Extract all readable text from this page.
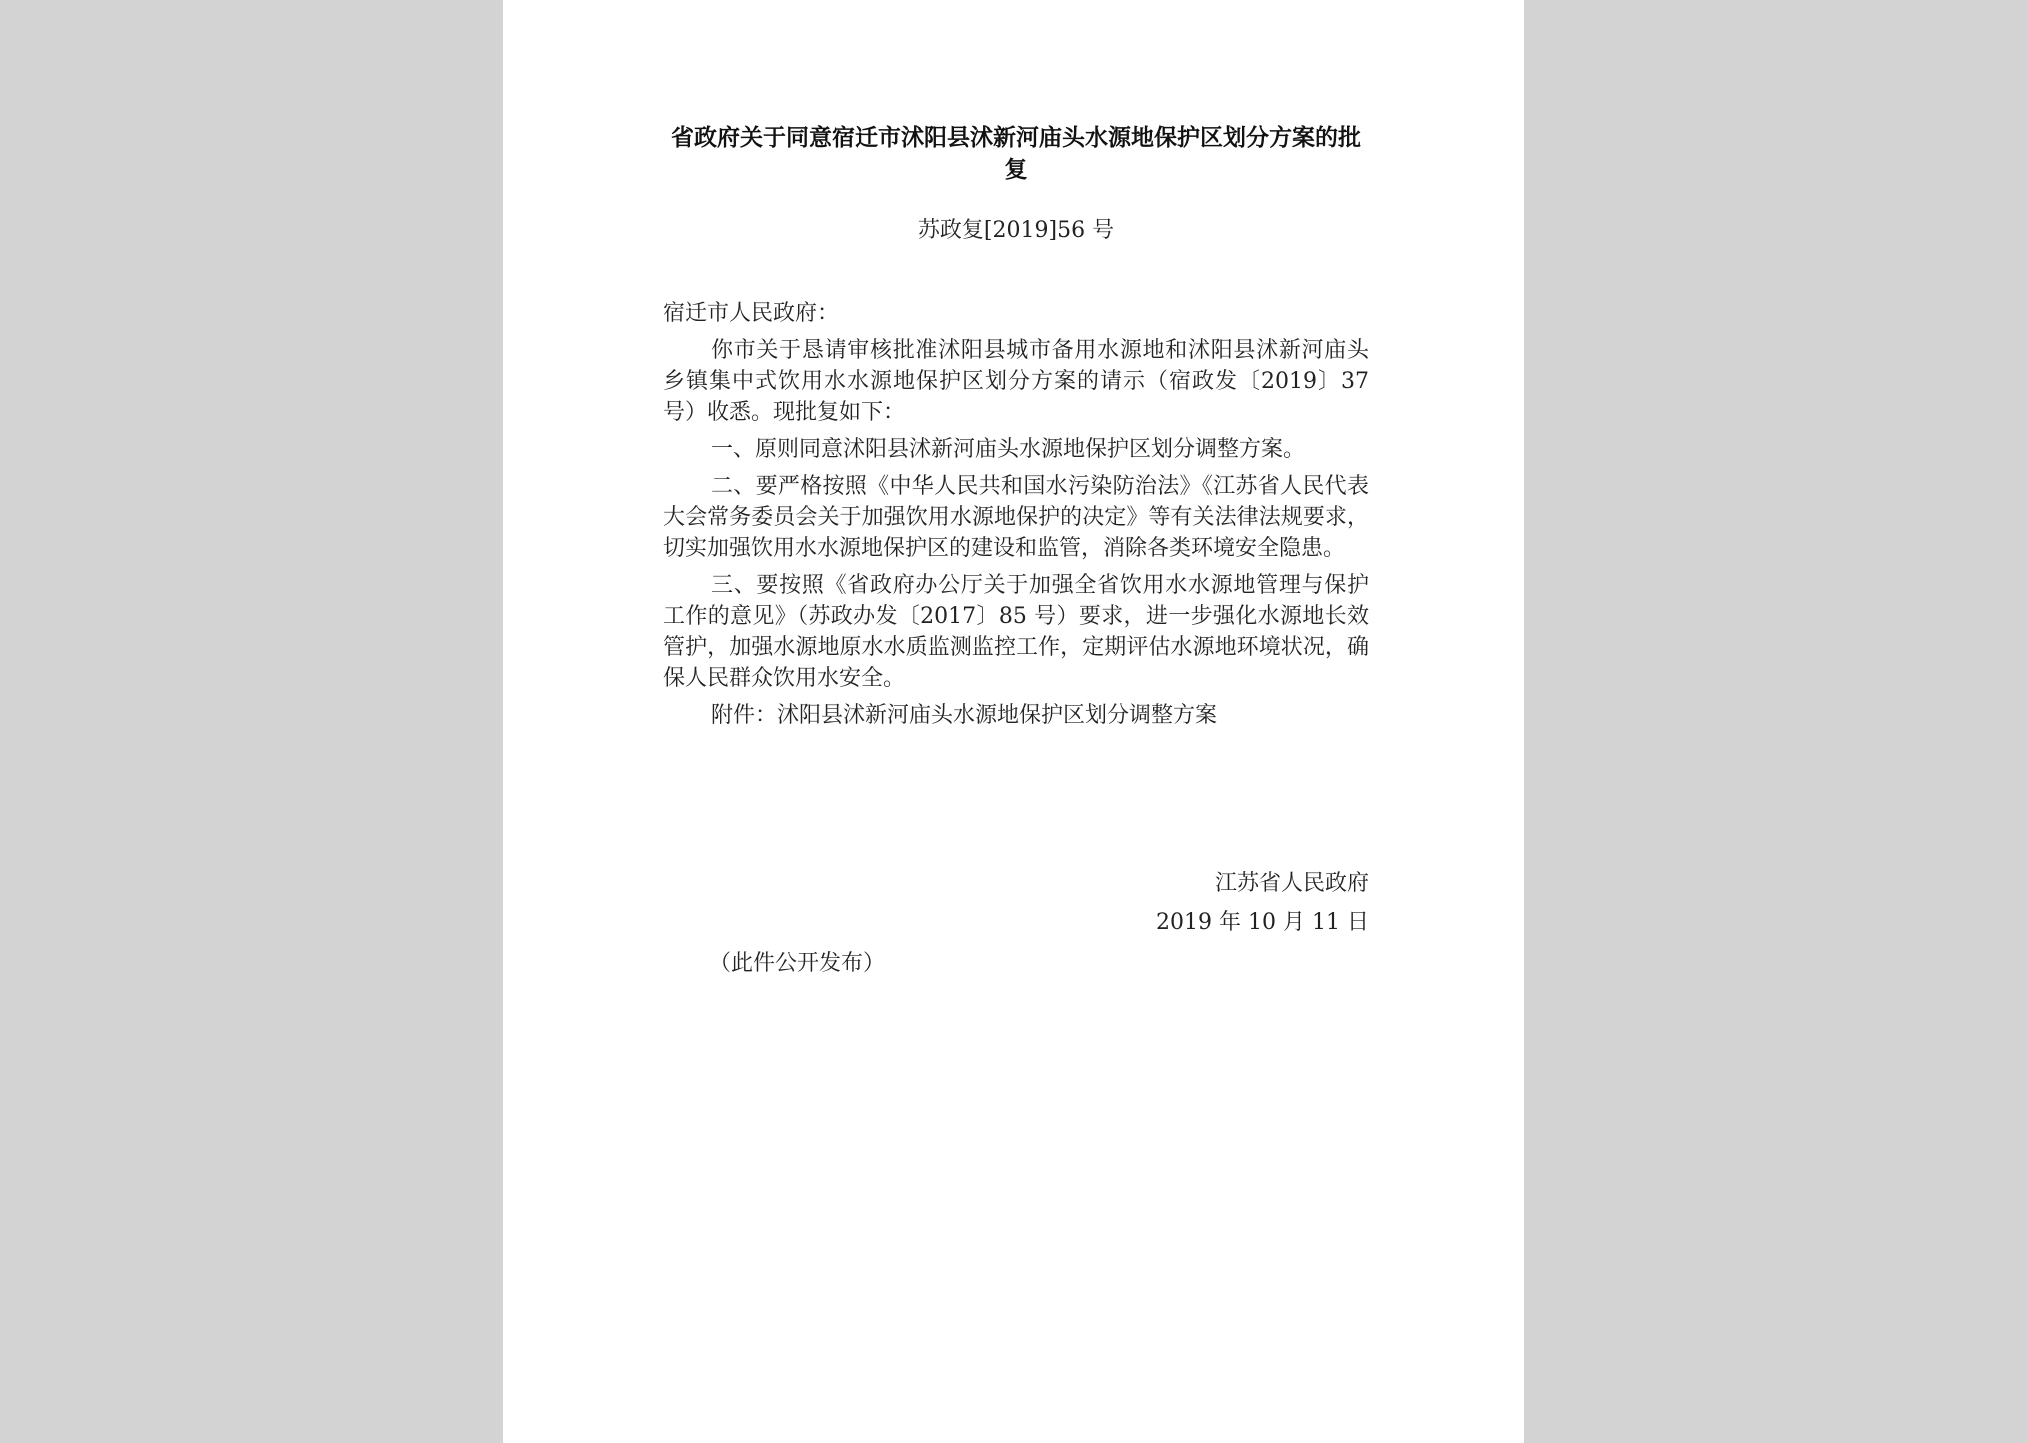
省政府关于同意宿迁市沭阳县沭新河庙头水源地保护区划分方案的批复
苏政复[2019]56 号

宿迁市人民政府：

你市关于恳请审核批准沭阳县城市备用水源地和沭阳县沭新河庙头乡镇集中式饮用水水源地保护区划分方案的请示（宿政发〔2019〕37 号）收悉。现批复如下：

一、原则同意沭阳县沭新河庙头水源地保护区划分调整方案。

二、要严格按照《中华人民共和国水污染防治法》《江苏省人民代表大会常务委员会关于加强饮用水源地保护的决定》等有关法律法规要求，切实加强饮用水水源地保护区的建设和监管，消除各类环境安全隐患。

三、要按照《省政府办公厅关于加强全省饮用水水源地管理与保护工作的意见》（苏政办发〔2017〕85 号）要求，进一步强化水源地长效管护，加强水源地原水水质监测监控工作，定期评估水源地环境状况，确保人民群众饮用水安全。

附件：沭阳县沭新河庙头水源地保护区划分调整方案

江苏省人民政府
2019 年 10 月 11 日
（此件公开发布）
